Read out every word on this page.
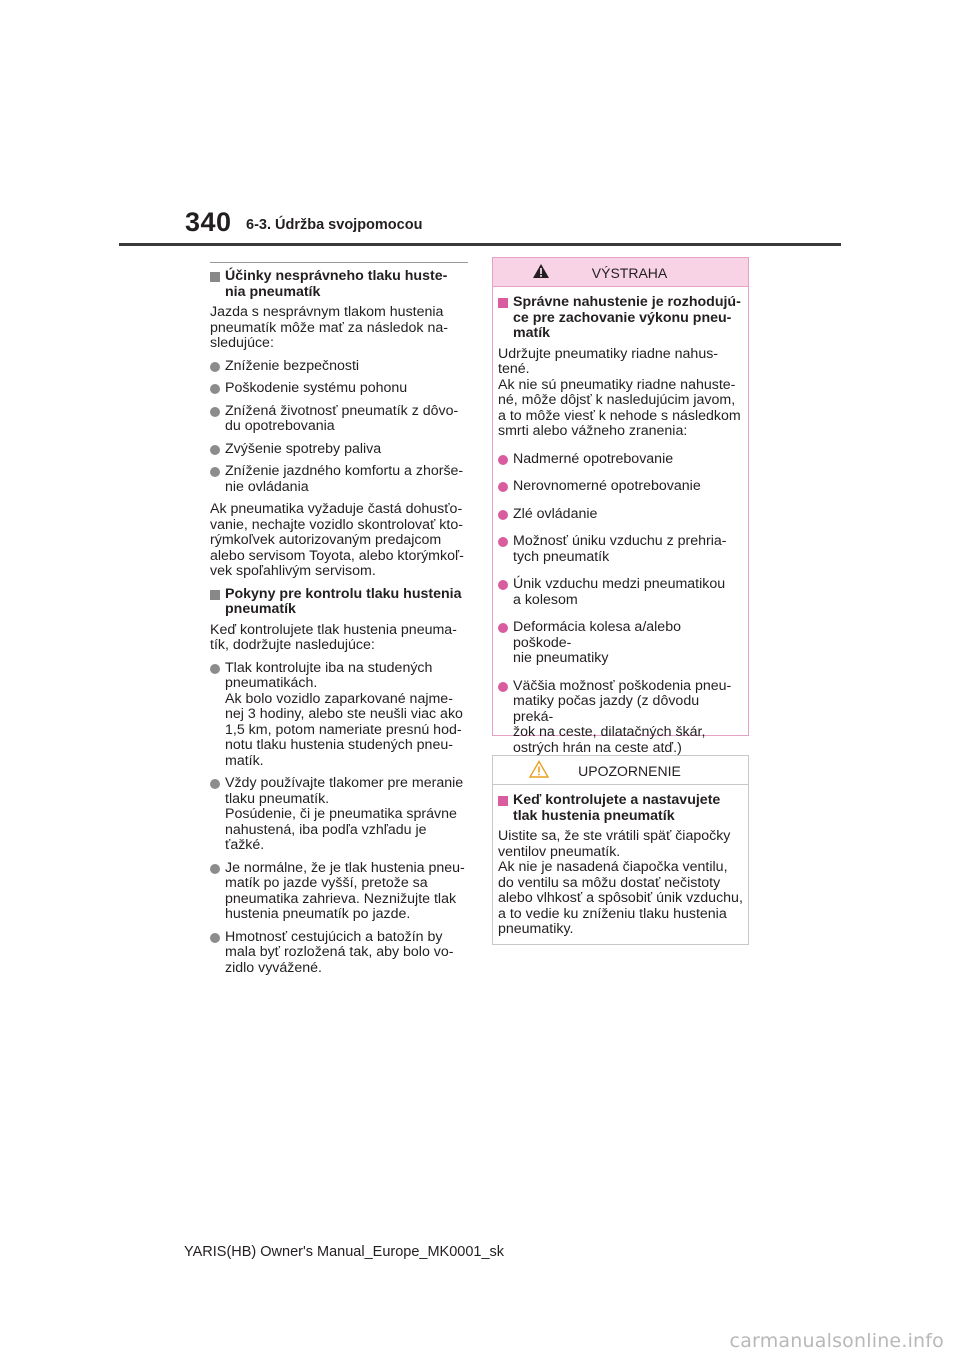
340 6-3. Údržba svojpomocou
Účinky nesprávneho tlaku huste-
nia pneumatík
Jazda s nesprávnym tlakom hustenia
pneumatík môže mať za následok na-
sledujúce:
Zníženie bezpečnosti
Poškodenie systému pohonu
Znížená životnosť pneumatík z dôvo-
du opotrebovania
Zvýšenie spotreby paliva
Zníženie jazdného komfortu a zhorše-
nie ovládania
Ak pneumatika vyžaduje častá dohusťo-
vanie, nechajte vozidlo skontrolovať kto-
rýmkoľvek autorizovaným predajcom
alebo servisom Toyota, alebo ktorýmkoľ-
vek spoľahlivým servisom.
Pokyny pre kontrolu tlaku hustenia
pneumatík
Keď kontrolujete tlak hustenia pneuma-
tík, dodržujte nasledujúce:
Tlak kontrolujte iba na studených
pneumatikách.
Ak bolo vozidlo zaparkované najme-
nej 3 hodiny, alebo ste neušli viac ako
1,5 km, potom nameriate presnú hod-
notu tlaku hustenia studených pneu-
matík.
Vždy používajte tlakomer pre meranie
tlaku pneumatík.
Posúdenie, či je pneumatika správne
nahustená, iba podľa vzhľadu je ťažké.
Je normálne, že je tlak hustenia pneu-
matík po jazde vyšší, pretože sa
pneumatika zahrieva. Neznižujte tlak
hustenia pneumatík po jazde.
Hmotnosť cestujúcich a batožín by
mala byť rozložená tak, aby bolo vo-
zidlo vyvážené.
VÝSTRAHA
Správne nahustenie je rozhodujú-
ce pre zachovanie výkonu pneu-
matík
Udržujte pneumatiky riadne nahus-
tené.
Ak nie sú pneumatiky riadne nahuste-
né, môže dôjsť k nasledujúcim javom,
a to môže viesť k nehode s následkom
smrti alebo vážneho zranenia:
Nadmerné opotrebovanie
Nerovnomerné opotrebovanie
Zlé ovládanie
Možnosť úniku vzduchu z prehria-
tych pneumatík
Únik vzduchu medzi pneumatikou
a kolesom
Deformácia kolesa a/alebo poškode-
nie pneumatiky
Väčšia možnosť poškodenia pneu-
matiky počas jazdy (z dôvodu preká-
žok na ceste, dilatačných škár,
ostrých hrán na ceste atď.)
UPOZORNENIE
Keď kontrolujete a nastavujete
tlak hustenia pneumatík
Uistite sa, že ste vrátili späť čiapočky
ventilov pneumatík.
Ak nie je nasadená čiapočka ventilu,
do ventilu sa môžu dostať nečistoty
alebo vlhkosť a spôsobiť únik vzduchu,
a to vedie ku zníženiu tlaku hustenia
pneumatiky.
YARIS(HB) Owner's Manual_Europe_MK0001_sk
carmanualsonline.info
